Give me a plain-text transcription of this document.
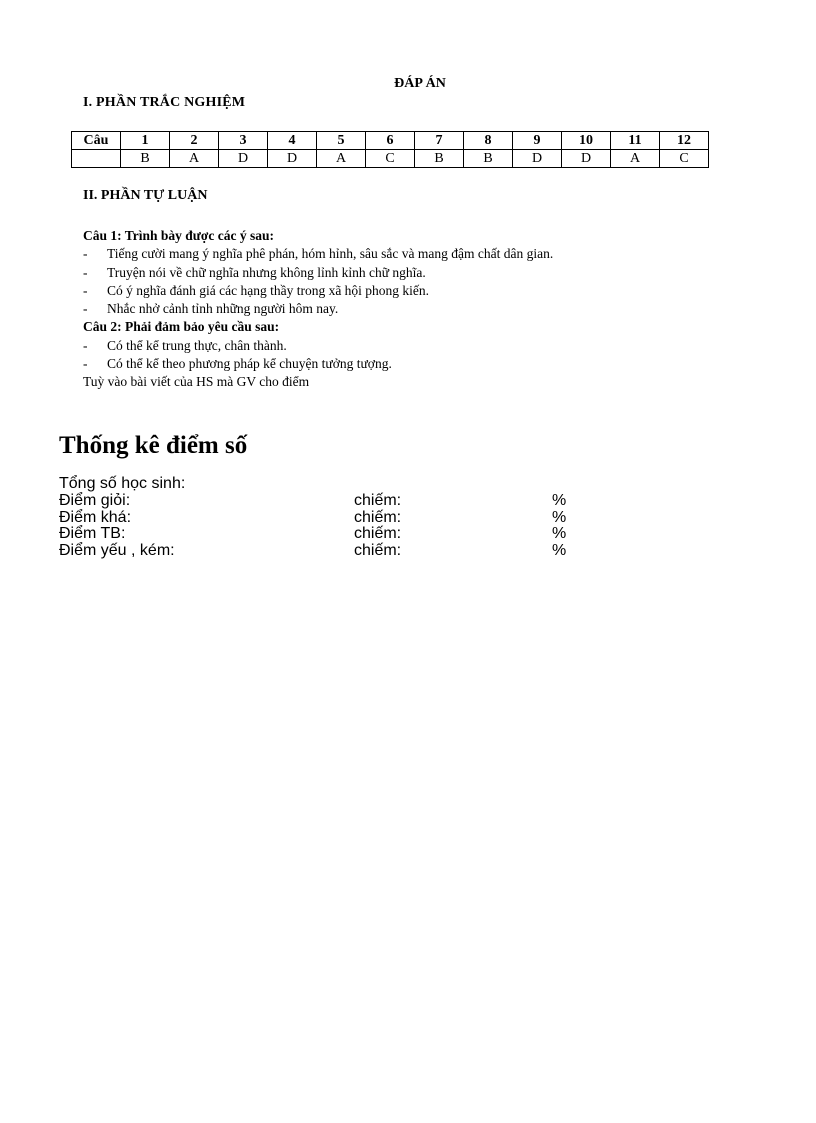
ĐÁP ÁN
I. PHẦN TRẮC NGHIỆM
Câu	1	2	3	4	5	6	7	8	9	10	11	12
	B	A	D	D	A	C	B	B	D	D	A	C
II. PHẦN TỰ LUẬN
Câu 1: Trình bày được các ý sau:
-	Tiếng cười mang ý nghĩa phê phán, hóm hỉnh, sâu sắc và mang đậm chất dân gian.
-	Truyện nói về chữ nghĩa nhưng không lỉnh kỉnh chữ nghĩa.
-	Có ý nghĩa đánh giá các hạng thầy trong xã hội phong kiến.
-	Nhắc nhở cảnh tỉnh những người hôm nay.
Câu 2: Phải đảm bảo yêu cầu sau:
-	Có thể kể trung thực, chân thành.
-	Có thể kể theo phương pháp kể chuyện tưởng tượng.
Tuỳ vào bài viết của HS mà GV cho điểm
Thống kê điểm số
Tổng số học sinh:
Điểm giỏi:	chiếm:	%
Điểm khá:	chiếm:	%
Điểm TB:	chiếm:	%
Điểm yếu , kém:	chiếm:	%
